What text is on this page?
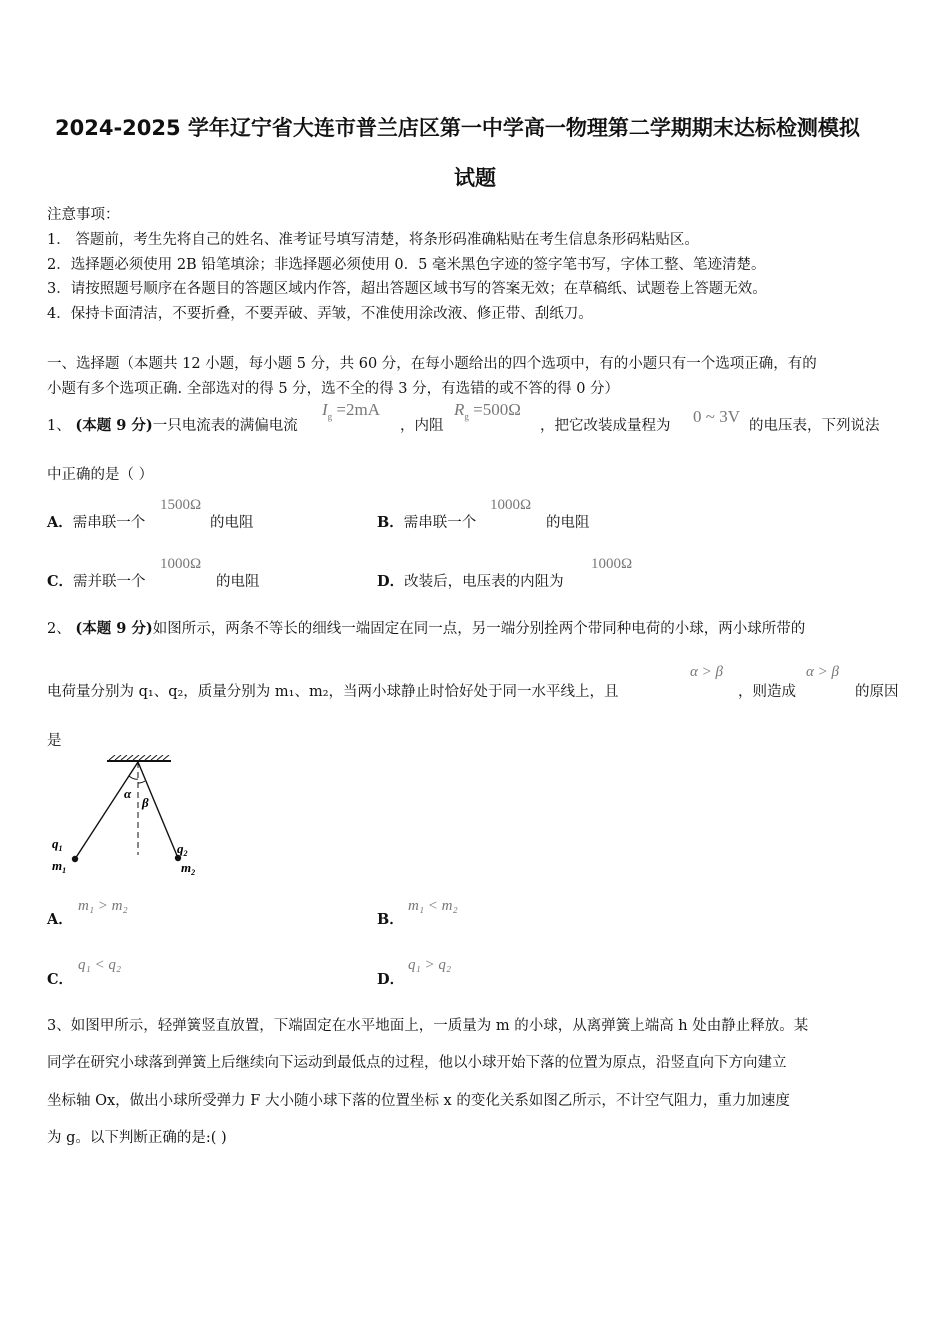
2024-2025 学年辽宁省大连市普兰店区第一中学高一物理第二学期期末达标检测模拟
试题
注意事项：
1． 答题前，考生先将自己的姓名、准考证号填写清楚，将条形码准确粘贴在考生信息条形码粘贴区。
2．选择题必须使用 2B 铅笔填涂；非选择题必须使用 0．5 毫米黑色字迹的签字笔书写，字体工整、笔迹清楚。
3．请按照题号顺序在各题目的答题区域内作答，超出答题区域书写的答案无效；在草稿纸、试题卷上答题无效。
4．保持卡面清洁，不要折叠，不要弄破、弄皱，不准使用涂改液、修正带、刮纸刀。
一、选择题（本题共 12 小题，每小题 5 分，共 60 分，在每小题给出的四个选项中，有的小题只有一个选项正确，有的
小题有多个选项正确. 全部选对的得 5 分，选不全的得 3 分，有选错的或不答的得 0 分）
1、 (本题 9 分)一只电流表的满偏电流
$I_g =2mA$
，内阻
$R_g =500\Omega$
，把它改装成量程为 0 ~ 3V 的电压表，下列说法
中正确的是（ ）
A．需串联一个
1500Ω
的电阻	B．需串联一个
1000Ω
的电阻
C．需并联一个
1000Ω
的电阻	D．改装后，电压表的内阻为
1000Ω
2、 (本题 9 分)如图所示，两条不等长的细线一端固定在同一点，另一端分别拴两个带同种电荷的小球，两小球所带的
电荷量分别为 q₁、q₂，质量分别为 m₁、m₂，当两小球静止时恰好处于同一水平线上，且
α > β
，则造成
α > β
的原因
是
α
β
$q_1$
$m_1$
$q_2$
$m_2$
A．
m₁ > m₂
B．
m₁ < m₂
C．
q₁ < q₂
D．
q₁ > q₂
3、如图甲所示，轻弹簧竖直放置，下端固定在水平地面上，一质量为 m 的小球，从离弹簧上端高 h 处由静止释放。某
同学在研究小球落到弹簧上后继续向下运动到最低点的过程，他以小球开始下落的位置为原点，沿竖直向下方向建立
坐标轴 Ox，做出小球所受弹力 F 大小随小球下落的位置坐标 x 的变化关系如图乙所示，不计空气阻力，重力加速度
为 g。以下判断正确的是:( )
